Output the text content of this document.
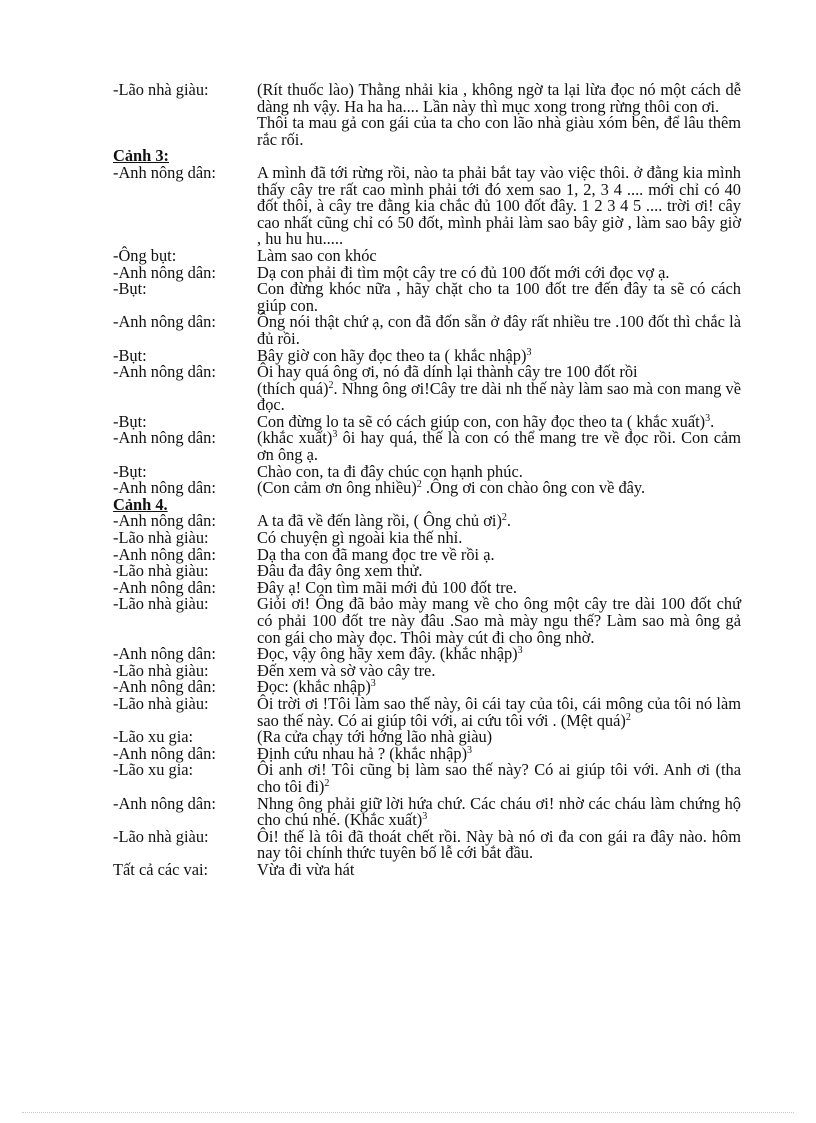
-Lão nhà giàu:	(Rít thuốc lào) Thằng nhải kia , không ngờ ta lại lừa đọc nó một cách dễ dàng nh vậy. Ha ha ha.... Lần này thì mục xong trong rừng thôi con ơi.
Thôi ta mau gả con gái của ta cho con lão nhà giàu xóm bên, để lâu thêm rắc rối.
Cảnh 3:
-Anh nông dân:	A mình đã tới rừng rồi, nào ta phải bắt tay vào việc thôi. ở đằng kia mình thấy cây tre rất cao mình phải tới đó xem sao 1, 2, 3 4 .... mới chỉ có 40 đốt thôi, à cây tre đằng kia chắc đủ 100 đốt đây. 1 2 3 4 5 .... trời ơi! cây cao nhất cũng chỉ có 50 đốt, mình phải làm sao bây giờ , làm sao bây giờ , hu hu hu.....
-Ông bụt:	Làm sao con khóc
-Anh nông dân:	Dạ con phải đi tìm một cây tre có đủ 100 đốt mới cới đọc vợ ạ.
-Bụt:	Con đừng khóc nữa , hãy chặt cho ta 100 đốt tre đến đây ta sẽ có cách giúp con.
-Anh nông dân:	Ông nói thật chứ ạ, con đã đốn sẵn ở đây rất nhiều tre .100 đốt thì chắc là đủ rồi.
-Bụt:	Bây giờ con hãy đọc theo ta ( khắc nhập)$^3$
-Anh nông dân:	Ôi hay quá ông ơi, nó đã dính lại thành cây tre 100 đốt rồi
(thích quá)$^2$. Nhng ông ơi!Cây tre dài nh thế này làm sao mà con mang về đọc.
-Bụt:	Con đừng lo ta sẽ có cách giúp con, con hãy đọc theo ta ( khắc xuất)$^3$.
-Anh nông dân:	(khắc xuất)$^3$ ôi hay quá, thế là con có thể mang tre về đọc rồi. Con cảm ơn ông ạ.
-Bụt:	Chào con, ta đi đây chúc con hạnh phúc.
-Anh nông dân:	(Con cảm ơn ông nhiều)$^2$ .Ông ơi con chào ông con về đây.
Cảnh 4.
-Anh nông dân:	A ta đã về đến làng rồi, ( Ông chủ ơi)$^2$.
-Lão nhà giàu:	Có chuyện gì ngoài kia thế nhỉ.
-Anh nông dân:	Dạ tha con đã mang đọc tre về rồi ạ.
-Lão nhà giàu:	Đâu đa đây ông xem thử.
-Anh nông dân:	Đây ạ! Con tìm mãi mới đủ 100 đốt tre.
-Lão nhà giàu:	Giỏi ơi! Ông đã bảo mày mang về cho ông một cây tre dài 100 đốt chứ có phải 100 đốt tre này đâu .Sao mà mày ngu thế? Làm sao mà ông gả con gái cho mày đọc. Thôi mày cút đi cho ông nhờ.
-Anh nông dân:	Đọc, vậy ông hãy xem đây. (khắc nhập)$^3$
-Lão nhà giàu:	Đến xem và sờ vào cây tre.
-Anh nông dân:	Đọc: (khắc nhập)$^3$
-Lão nhà giàu:	Ôi trời ơi !Tôi làm sao thế này, ôi cái tay của tôi, cái mông của tôi nó làm sao thế này. Có ai giúp tôi với, ai cứu tôi với . (Mệt quá)$^2$
-Lão xu gia:	(Ra cửa chạy tới hớng lão nhà giàu)
-Anh nông dân:	Định cứu nhau hả ? (khắc nhập)$^3$
-Lão xu gia:	Ôi anh ơi! Tôi cũng bị làm sao thế này? Có ai giúp tôi với. Anh ơi (tha cho tôi đi)$^2$
-Anh nông dân:	Nhng ông phải giữ lời hứa chứ. Các cháu ơi! nhờ các cháu làm chứng hộ cho chú nhé. (Khắc xuất)$^3$
-Lão nhà giàu:	Ôi! thế là tôi đã thoát chết rồi. Này bà nó ơi đa con gái ra đây nào. hôm nay tôi chính thức tuyên bố lễ cới bắt đầu.
Tất cả các vai:	Vừa đi vừa hát
